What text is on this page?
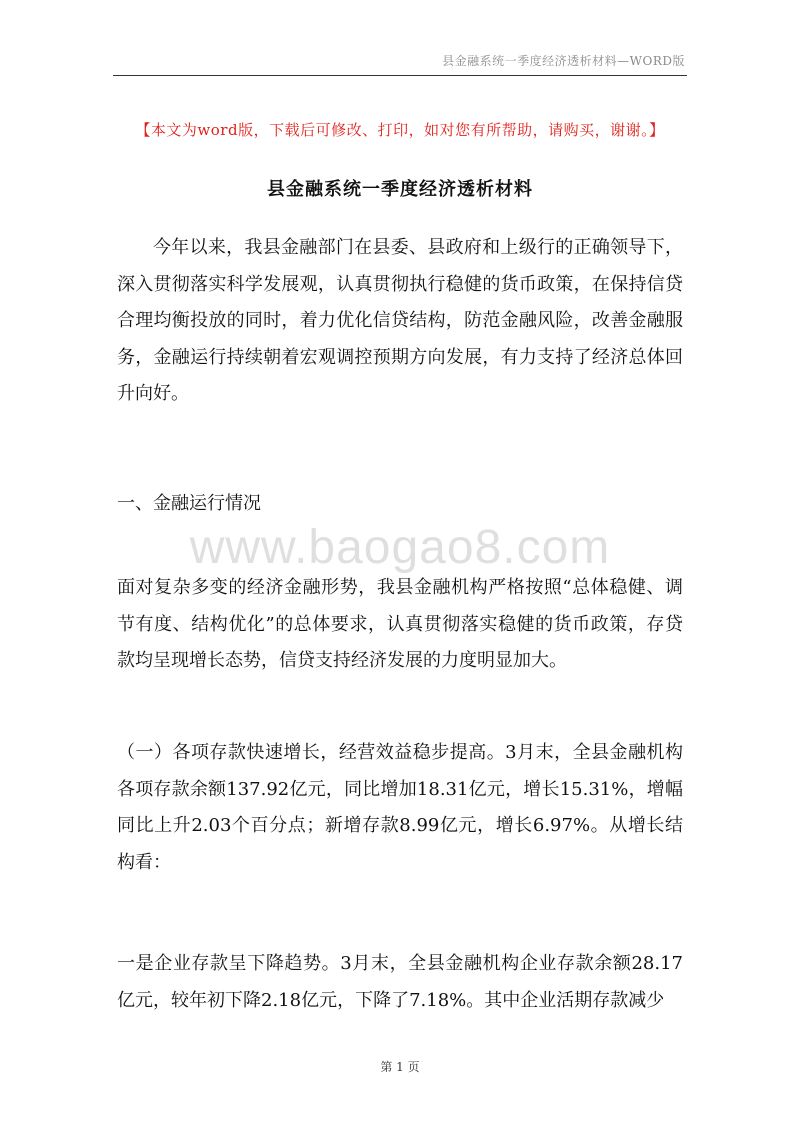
县金融系统一季度经济透析材料—WORD版
【本文为word版，下载后可修改、打印，如对您有所帮助，请购买，谢谢。】
县金融系统一季度经济透析材料

今年以来，我县金融部门在县委、县政府和上级行的正确领导下，深入贯彻落实科学发展观，认真贯彻执行稳健的货币政策，在保持信贷合理均衡投放的同时，着力优化信贷结构，防范金融风险，改善金融服务，金融运行持续朝着宏观调控预期方向发展，有力支持了经济总体回升向好。

一、金融运行情况

www.baogao8.com

面对复杂多变的经济金融形势，我县金融机构严格按照“总体稳健、调节有度、结构优化”的总体要求，认真贯彻落实稳健的货币政策，存贷款均呈现增长态势，信贷支持经济发展的力度明显加大。

（一）各项存款快速增长，经营效益稳步提高。3月末，全县金融机构各项存款余额137.92亿元，同比增加18.31亿元，增长15.31%，增幅同比上升2.03个百分点；新增存款8.99亿元，增长6.97%。从增长结构看：

一是企业存款呈下降趋势。3月末，全县金融机构企业存款余额28.17亿元，较年初下降2.18亿元，下降了7.18%。其中企业活期存款减少

第 1 页
